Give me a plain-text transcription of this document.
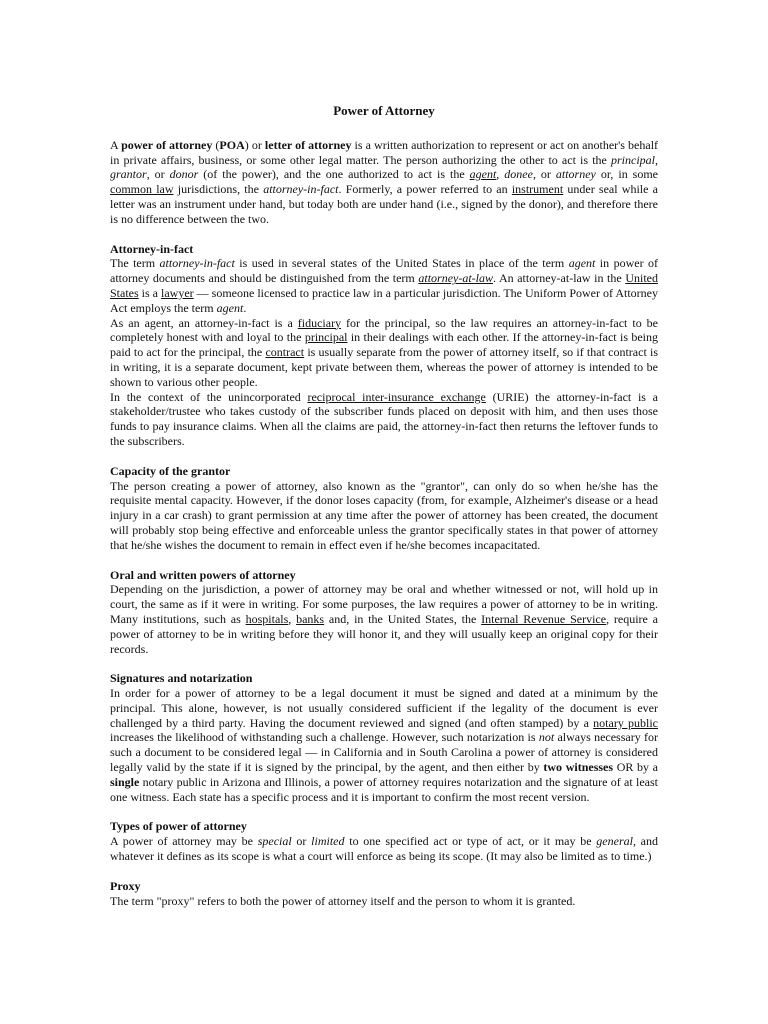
Power of Attorney

A power of attorney (POA) or letter of attorney is a written authorization to represent or act on another's behalf in private affairs, business, or some other legal matter. The person authorizing the other to act is the principal, grantor, or donor (of the power), and the one authorized to act is the agent, donee, or attorney or, in some common law jurisdictions, the attorney-in-fact. Formerly, a power referred to an instrument under seal while a letter was an instrument under hand, but today both are under hand (i.e., signed by the donor), and therefore there is no difference between the two.

Attorney-in-fact

The term attorney-in-fact is used in several states of the United States in place of the term agent in power of attorney documents and should be distinguished from the term attorney-at-law. An attorney-at-law in the United States is a lawyer — someone licensed to practice law in a particular jurisdiction. The Uniform Power of Attorney Act employs the term agent.

As an agent, an attorney-in-fact is a fiduciary for the principal, so the law requires an attorney-in-fact to be completely honest with and loyal to the principal in their dealings with each other. If the attorney-in-fact is being paid to act for the principal, the contract is usually separate from the power of attorney itself, so if that contract is in writing, it is a separate document, kept private between them, whereas the power of attorney is intended to be shown to various other people.

In the context of the unincorporated reciprocal inter-insurance exchange (URIE) the attorney-in-fact is a stakeholder/trustee who takes custody of the subscriber funds placed on deposit with him, and then uses those funds to pay insurance claims. When all the claims are paid, the attorney-in-fact then returns the leftover funds to the subscribers.

Capacity of the grantor

The person creating a power of attorney, also known as the "grantor", can only do so when he/she has the requisite mental capacity. However, if the donor loses capacity (from, for example, Alzheimer's disease or a head injury in a car crash) to grant permission at any time after the power of attorney has been created, the document will probably stop being effective and enforceable unless the grantor specifically states in that power of attorney that he/she wishes the document to remain in effect even if he/she becomes incapacitated.

Oral and written powers of attorney

Depending on the jurisdiction, a power of attorney may be oral and whether witnessed or not, will hold up in court, the same as if it were in writing. For some purposes, the law requires a power of attorney to be in writing. Many institutions, such as hospitals, banks and, in the United States, the Internal Revenue Service, require a power of attorney to be in writing before they will honor it, and they will usually keep an original copy for their records.

Signatures and notarization

In order for a power of attorney to be a legal document it must be signed and dated at a minimum by the principal. This alone, however, is not usually considered sufficient if the legality of the document is ever challenged by a third party. Having the document reviewed and signed (and often stamped) by a notary public increases the likelihood of withstanding such a challenge. However, such notarization is not always necessary for such a document to be considered legal — in California and in South Carolina a power of attorney is considered legally valid by the state if it is signed by the principal, by the agent, and then either by two witnesses OR by a single notary public in Arizona and Illinois, a power of attorney requires notarization and the signature of at least one witness. Each state has a specific process and it is important to confirm the most recent version.

Types of power of attorney

A power of attorney may be special or limited to one specified act or type of act, or it may be general, and whatever it defines as its scope is what a court will enforce as being its scope. (It may also be limited as to time.)

Proxy

The term "proxy" refers to both the power of attorney itself and the person to whom it is granted.
